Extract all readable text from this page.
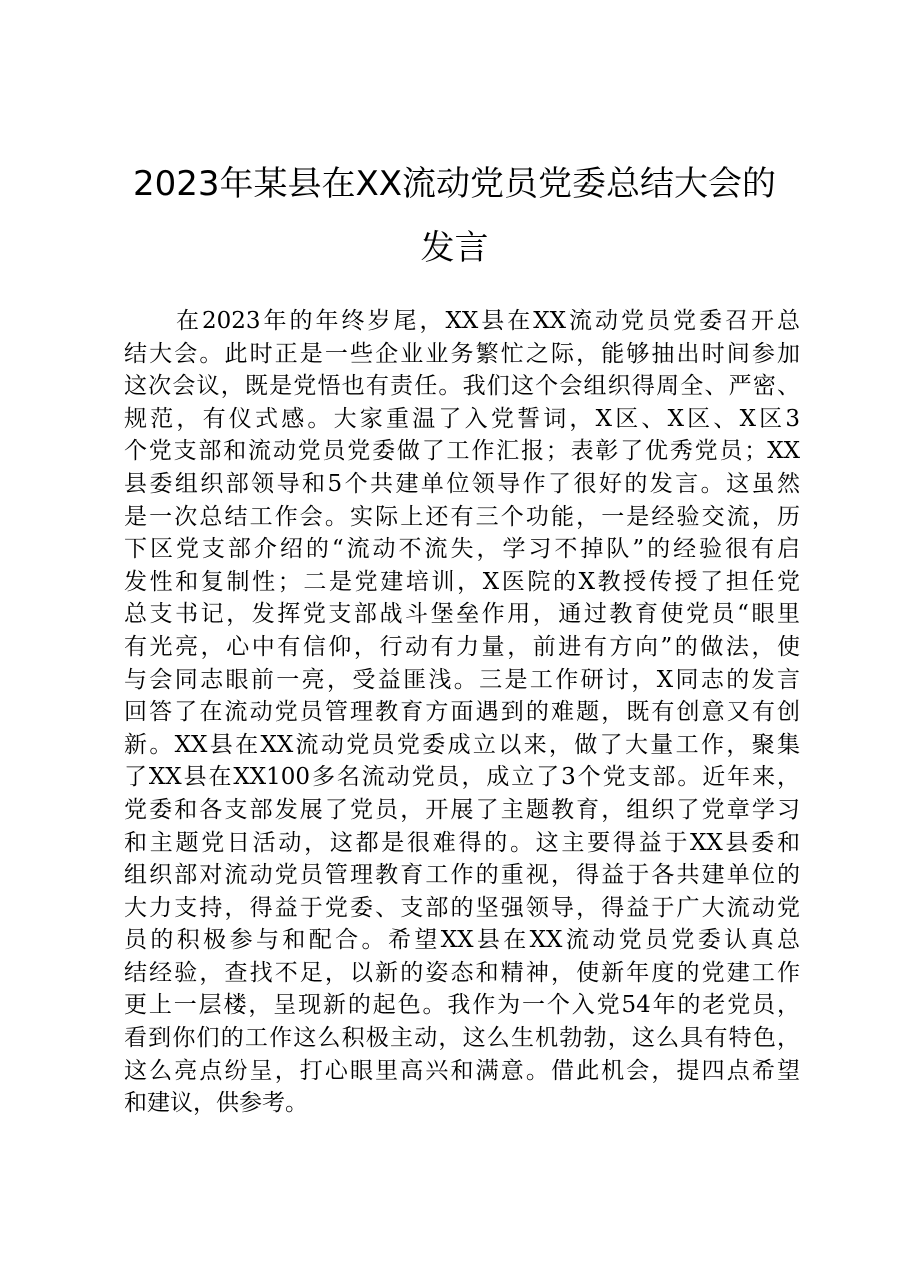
2023年某县在XX流动党员党委总结大会的
发言
　　在2023年的年终岁尾，XX县在XX流动党员党委召开总
结大会。此时正是一些企业业务繁忙之际，能够抽出时间参加
这次会议，既是党悟也有责任。我们这个会组织得周全、严密、
规范，有仪式感。大家重温了入党誓词，X区、X区、X区3
个党支部和流动党员党委做了工作汇报；表彰了优秀党员；XX
县委组织部领导和5个共建单位领导作了很好的发言。这虽然
是一次总结工作会。实际上还有三个功能，一是经验交流，历
下区党支部介绍的“流动不流失，学习不掉队”的经验很有启
发性和复制性；二是党建培训，X医院的X教授传授了担任党
总支书记，发挥党支部战斗堡垒作用，通过教育使党员“眼里
有光亮，心中有信仰，行动有力量，前进有方向”的做法，使
与会同志眼前一亮，受益匪浅。三是工作研讨，X同志的发言
回答了在流动党员管理教育方面遇到的难题，既有创意又有创
新。XX县在XX流动党员党委成立以来，做了大量工作，聚集
了XX县在XX100多名流动党员，成立了3个党支部。近年来，
党委和各支部发展了党员，开展了主题教育，组织了党章学习
和主题党日活动，这都是很难得的。这主要得益于XX县委和
组织部对流动党员管理教育工作的重视，得益于各共建单位的
大力支持，得益于党委、支部的坚强领导，得益于广大流动党
员的积极参与和配合。希望XX县在XX流动党员党委认真总
结经验，查找不足，以新的姿态和精神，使新年度的党建工作
更上一层楼，呈现新的起色。我作为一个入党54年的老党员，
看到你们的工作这么积极主动，这么生机勃勃，这么具有特色，
这么亮点纷呈，打心眼里高兴和满意。借此机会，提四点希望
和建议，供参考。
